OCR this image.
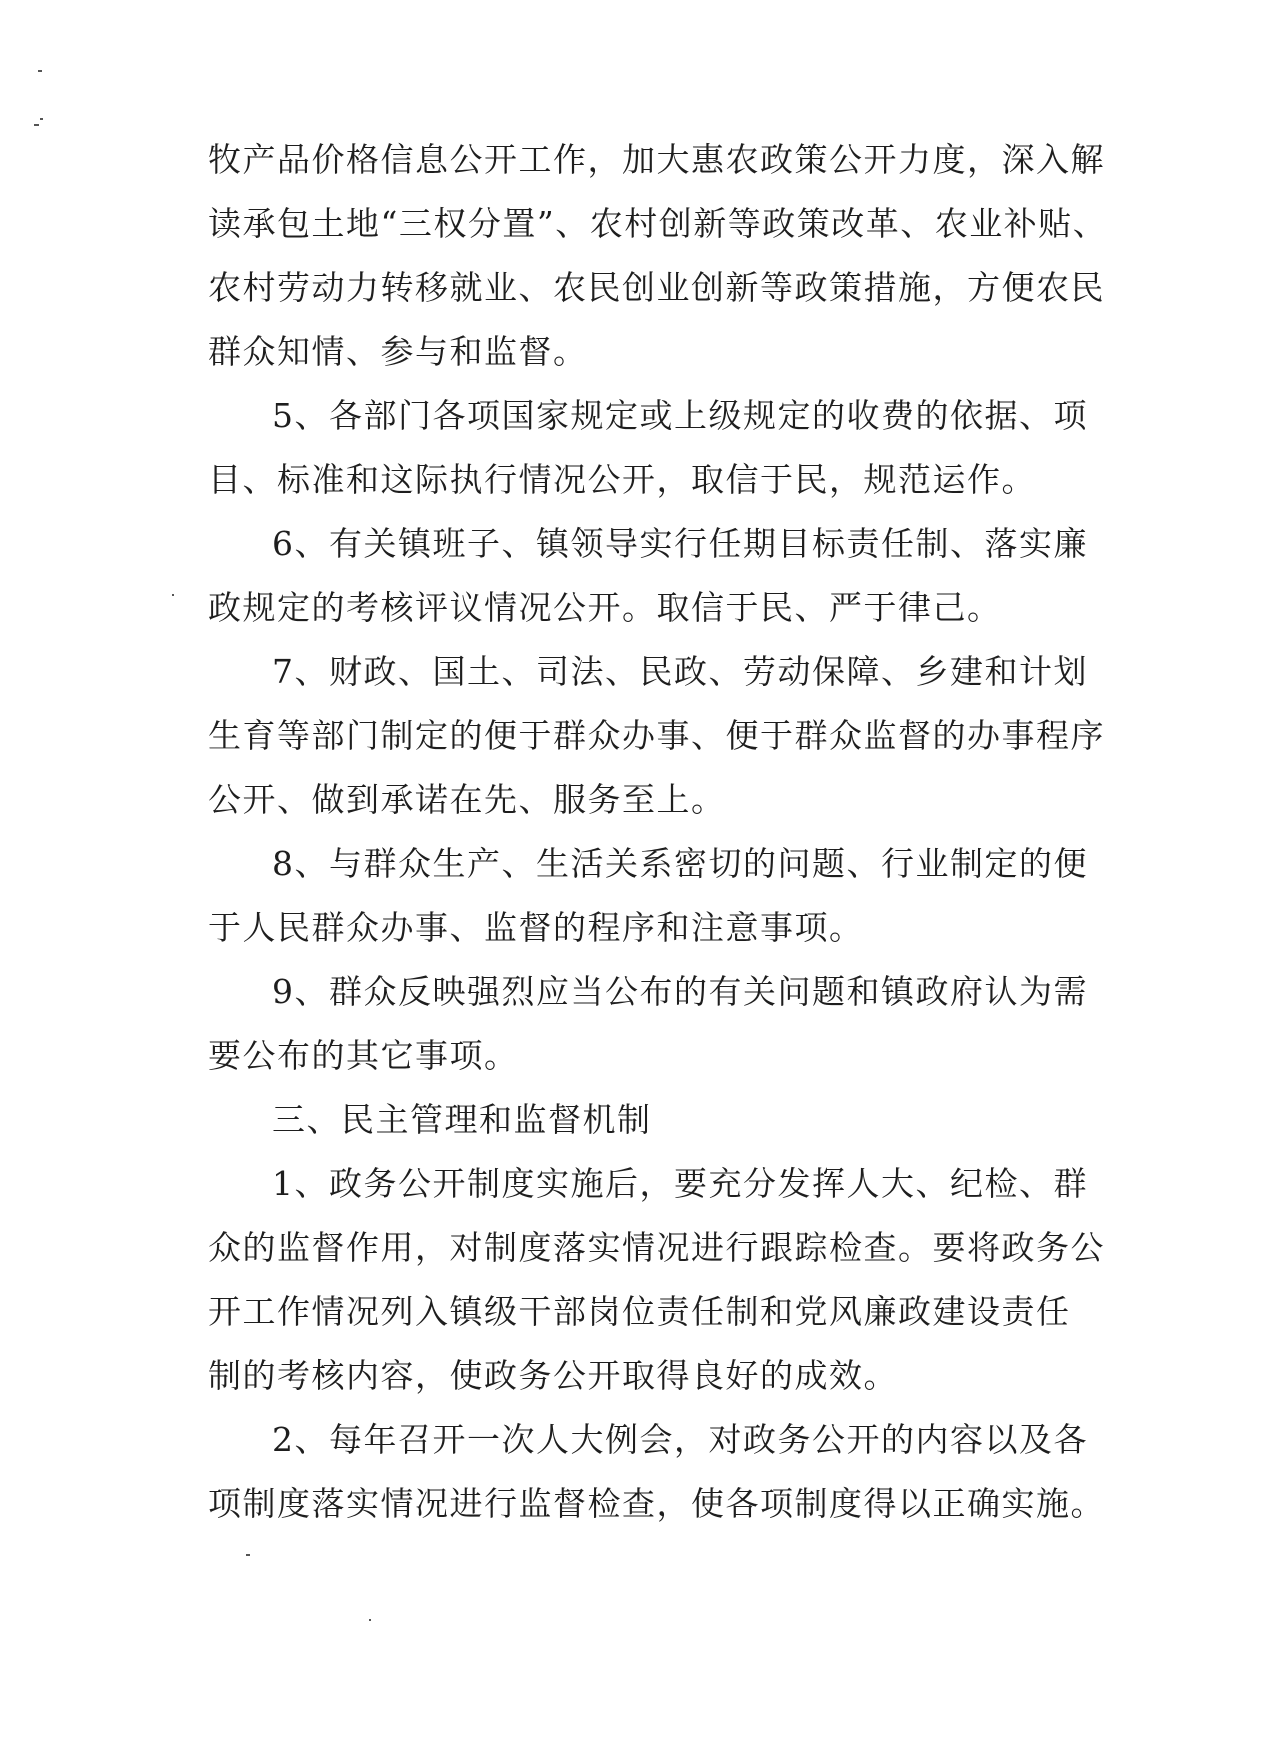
牧产品价格信息公开工作，加大惠农政策公开力度，深入解
读承包土地“三权分置”、农村创新等政策改革、农业补贴、
农村劳动力转移就业、农民创业创新等政策措施，方便农民
群众知情、参与和监督。
5、各部门各项国家规定或上级规定的收费的依据、项
目、标准和这际执行情况公开，取信于民，规范运作。
6、有关镇班子、镇领导实行任期目标责任制、落实廉
政规定的考核评议情况公开。取信于民、严于律己。
7、财政、国土、司法、民政、劳动保障、乡建和计划
生育等部门制定的便于群众办事、便于群众监督的办事程序
公开、做到承诺在先、服务至上。
8、与群众生产、生活关系密切的问题、行业制定的便
于人民群众办事、监督的程序和注意事项。
9、群众反映强烈应当公布的有关问题和镇政府认为需
要公布的其它事项。
三、民主管理和监督机制
1、政务公开制度实施后，要充分发挥人大、纪检、群
众的监督作用，对制度落实情况进行跟踪检查。要将政务公
开工作情况列入镇级干部岗位责任制和党风廉政建设责任
制的考核内容，使政务公开取得良好的成效。
2、每年召开一次人大例会，对政务公开的内容以及各
项制度落实情况进行监督检查，使各项制度得以正确实施。
